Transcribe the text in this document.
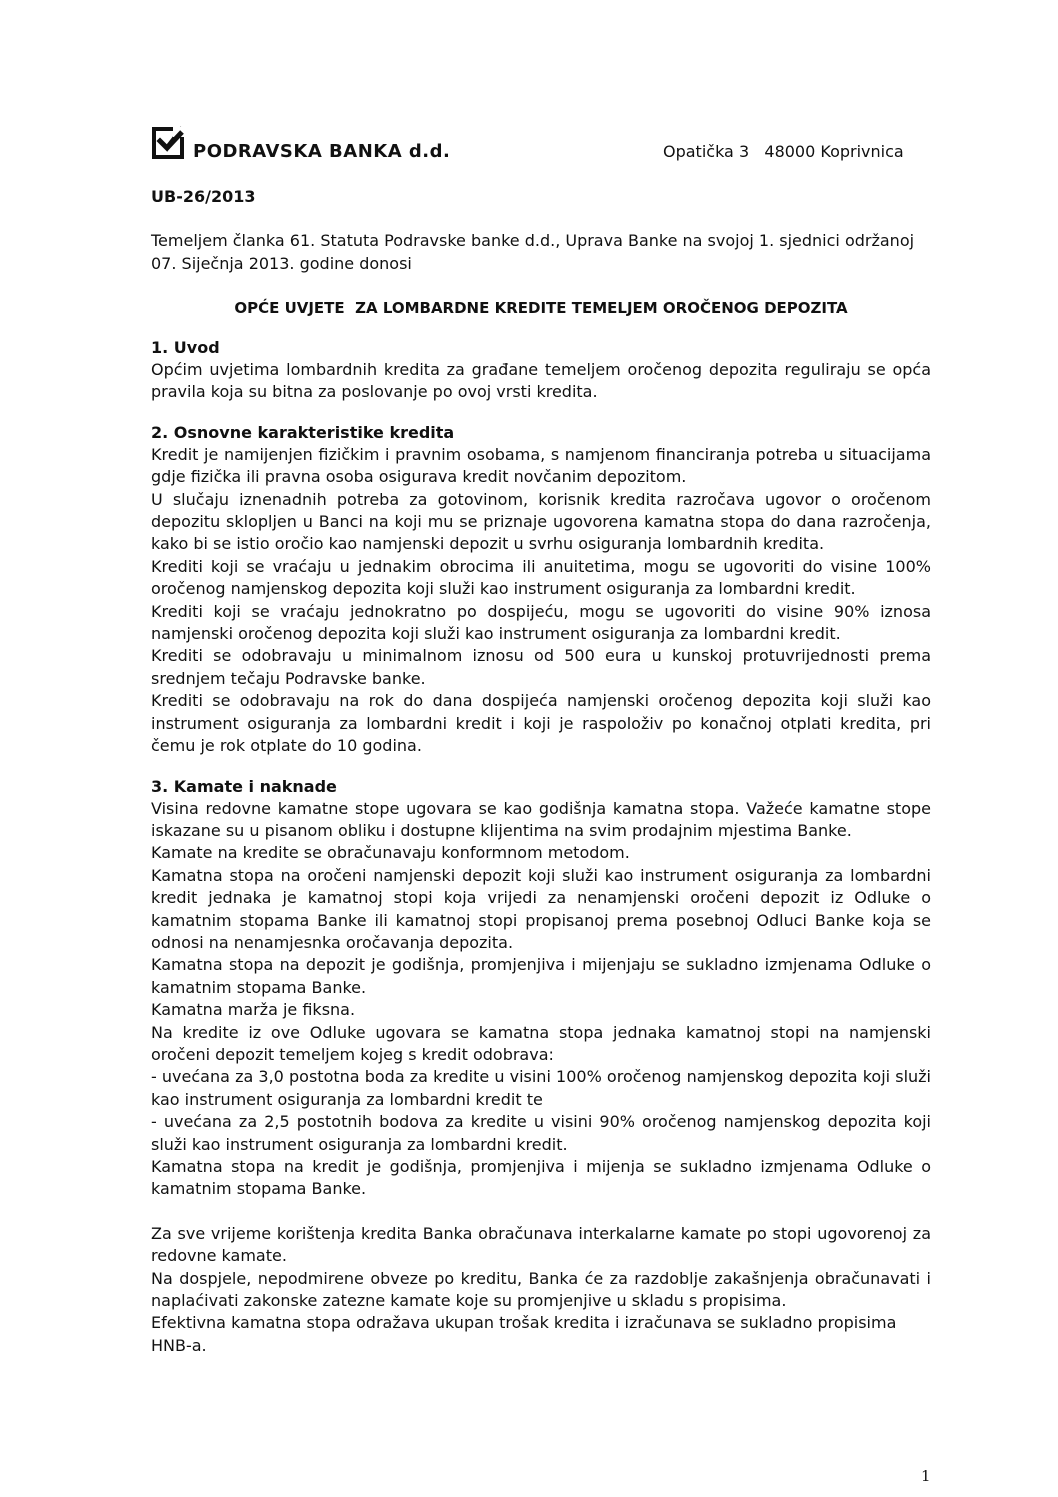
PODRAVSKA BANKA d.d.	Opatička 3   48000 Koprivnica
UB-26/2013
Temeljem članka 61. Statuta Podravske banke d.d., Uprava Banke na svojoj 1. sjednici održanoj
07. Siječnja 2013. godine donosi
OPĆE UVJETE  ZA LOMBARDNE KREDITE TEMELJEM OROČENOG DEPOZITA
1. Uvod

Općim uvjetima lombardnih kredita za građane temeljem oročenog depozita reguliraju se opća pravila koja su bitna za poslovanje po ovoj vrsti kredita.

2. Osnovne karakteristike kredita

Kredit je namijenjen fizičkim i pravnim osobama, s namjenom financiranja potreba u situacijama gdje fizička ili pravna osoba osigurava kredit novčanim depozitom.

U slučaju iznenadnih potreba za gotovinom, korisnik kredita razročava ugovor o oročenom depozitu sklopljen u Banci na koji mu se priznaje ugovorena kamatna stopa do dana razročenja, kako bi se istio oročio kao namjenski depozit u svrhu osiguranja lombardnih kredita.

Krediti koji se vraćaju u jednakim obrocima ili anuitetima, mogu se ugovoriti do visine 100% oročenog namjenskog depozita koji služi kao instrument osiguranja za lombardni kredit.

Krediti koji se vraćaju jednokratno po dospijeću, mogu se ugovoriti do visine 90% iznosa namjenski oročenog depozita koji služi kao instrument osiguranja za lombardni kredit.

Krediti se odobravaju u minimalnom iznosu od 500 eura u kunskoj protuvrijednosti prema srednjem tečaju Podravske banke.

Krediti se odobravaju na rok do dana dospijeća namjenski oročenog depozita koji služi kao instrument osiguranja za lombardni kredit i koji je raspoloživ po konačnoj otplati kredita, pri čemu je rok otplate do 10 godina.

3. Kamate i naknade

Visina redovne kamatne stope ugovara se kao godišnja kamatna stopa. Važeće kamatne stope iskazane su u pisanom obliku i dostupne klijentima na svim prodajnim mjestima Banke.

Kamate na kredite se obračunavaju konformnom metodom.

Kamatna stopa na oročeni namjenski depozit koji služi kao instrument osiguranja za lombardni kredit jednaka je kamatnoj stopi koja vrijedi za nenamjenski oročeni depozit iz Odluke o kamatnim stopama Banke ili kamatnoj stopi propisanoj prema posebnoj Odluci Banke koja se odnosi na nenamjesnka oročavanja depozita.

Kamatna stopa na depozit je godišnja, promjenjiva i mijenjaju se sukladno izmjenama Odluke o kamatnim stopama Banke.

Kamatna marža je fiksna.

Na kredite iz ove Odluke ugovara se kamatna stopa jednaka kamatnoj stopi na namjenski oročeni depozit temeljem kojeg s kredit odobrava:

- uvećana za 3,0 postotna boda za kredite u visini 100% oročenog namjenskog depozita koji služi kao instrument osiguranja za lombardni kredit te

- uvećana za 2,5 postotnih bodova za kredite u visini 90% oročenog namjenskog depozita koji služi kao instrument osiguranja za lombardni kredit.

Kamatna stopa na kredit je godišnja, promjenjiva i mijenja se sukladno izmjenama Odluke o kamatnim stopama Banke.

Za sve vrijeme korištenja kredita Banka obračunava interkalarne kamate po stopi ugovorenoj za redovne kamate.

Na dospjele, nepodmirene obveze po kreditu, Banka će za razdoblje zakašnjenja obračunavati i naplaćivati zakonske zatezne kamate koje su promjenjive u skladu s propisima.

Efektivna kamatna stopa odražava ukupan trošak kredita i izračunava se sukladno propisima
HNB-a.

1
